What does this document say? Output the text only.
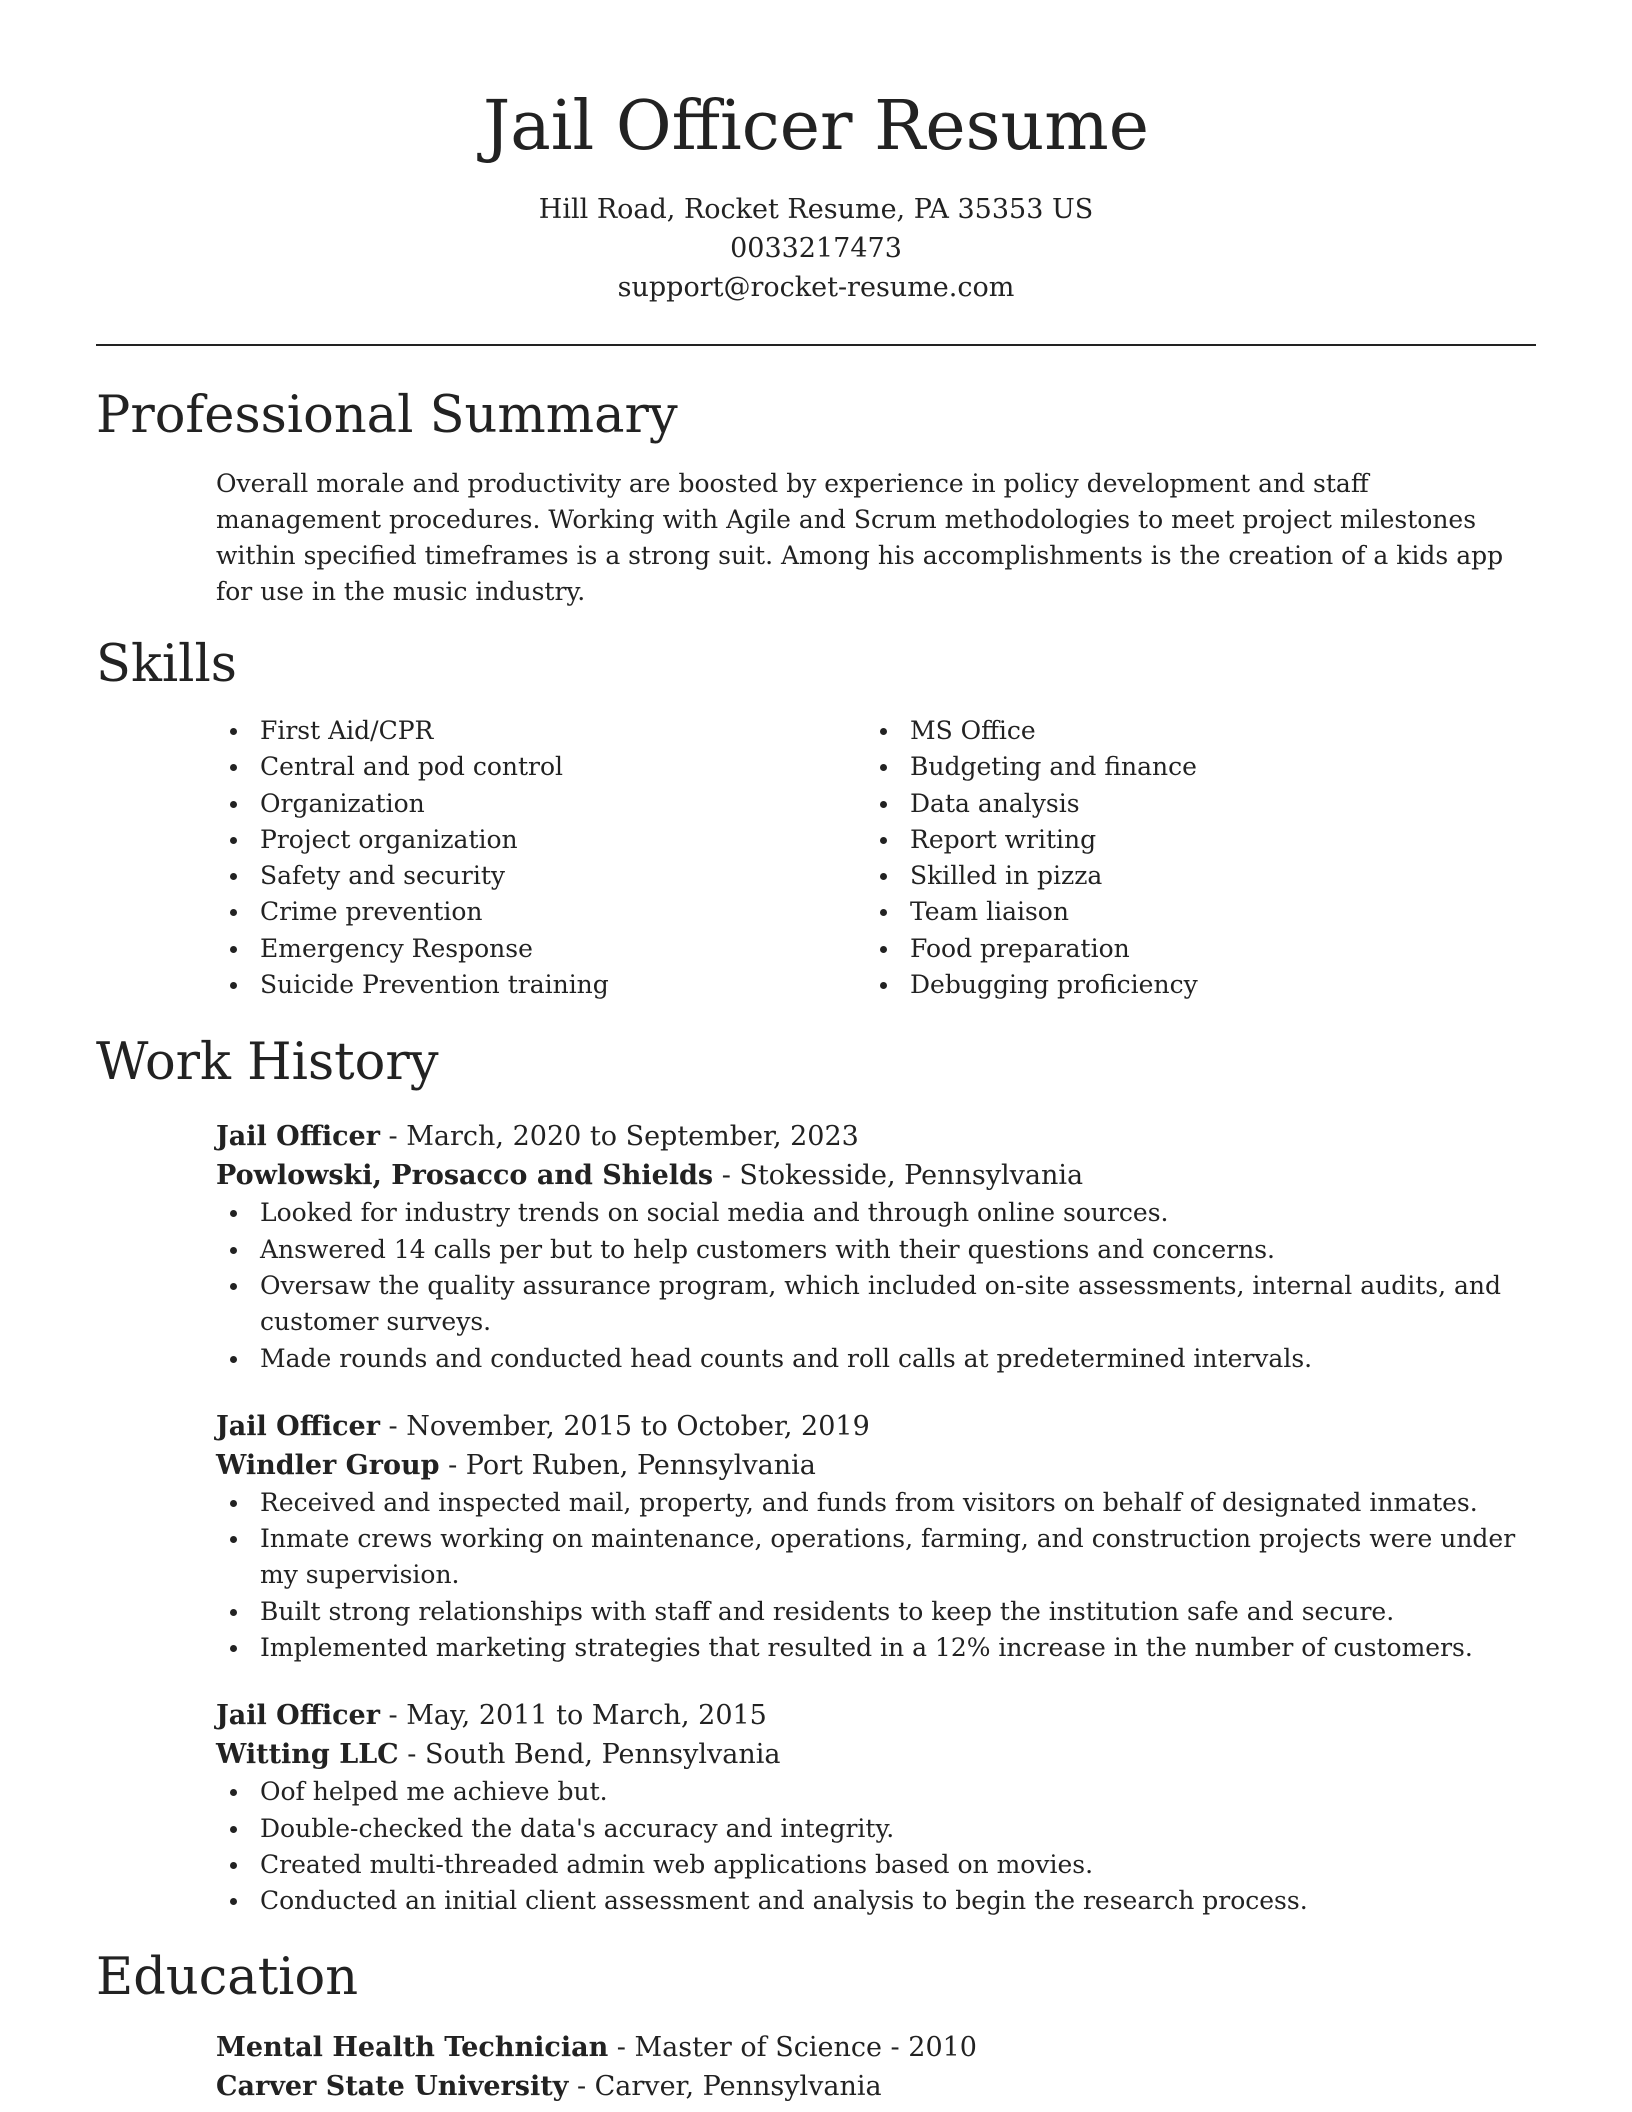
Jail Officer Resume
Hill Road, Rocket Resume, PA 35353 US
0033217473
support@rocket-resume.com
Professional Summary
Overall morale and productivity are boosted by experience in policy development and staff management procedures. Working with Agile and Scrum methodologies to meet project milestones within specified timeframes is a strong suit. Among his accomplishments is the creation of a kids app for use in the music industry.
Skills
First Aid/CPR
Central and pod control
Organization
Project organization
Safety and security
Crime prevention
Emergency Response
Suicide Prevention training
MS Office
Budgeting and finance
Data analysis
Report writing
Skilled in pizza
Team liaison
Food preparation
Debugging proficiency
Work History
Jail Officer - March, 2020 to September, 2023
Powlowski, Prosacco and Shields - Stokesside, Pennsylvania
Looked for industry trends on social media and through online sources.
Answered 14 calls per but to help customers with their questions and concerns.
Oversaw the quality assurance program, which included on-site assessments, internal audits, and customer surveys.
Made rounds and conducted head counts and roll calls at predetermined intervals.
Jail Officer - November, 2015 to October, 2019
Windler Group - Port Ruben, Pennsylvania
Received and inspected mail, property, and funds from visitors on behalf of designated inmates.
Inmate crews working on maintenance, operations, farming, and construction projects were under my supervision.
Built strong relationships with staff and residents to keep the institution safe and secure.
Implemented marketing strategies that resulted in a 12% increase in the number of customers.
Jail Officer - May, 2011 to March, 2015
Witting LLC - South Bend, Pennsylvania
Oof helped me achieve but.
Double-checked the data's accuracy and integrity.
Created multi-threaded admin web applications based on movies.
Conducted an initial client assessment and analysis to begin the research process.
Education
Mental Health Technician - Master of Science - 2010
Carver State University - Carver, Pennsylvania
